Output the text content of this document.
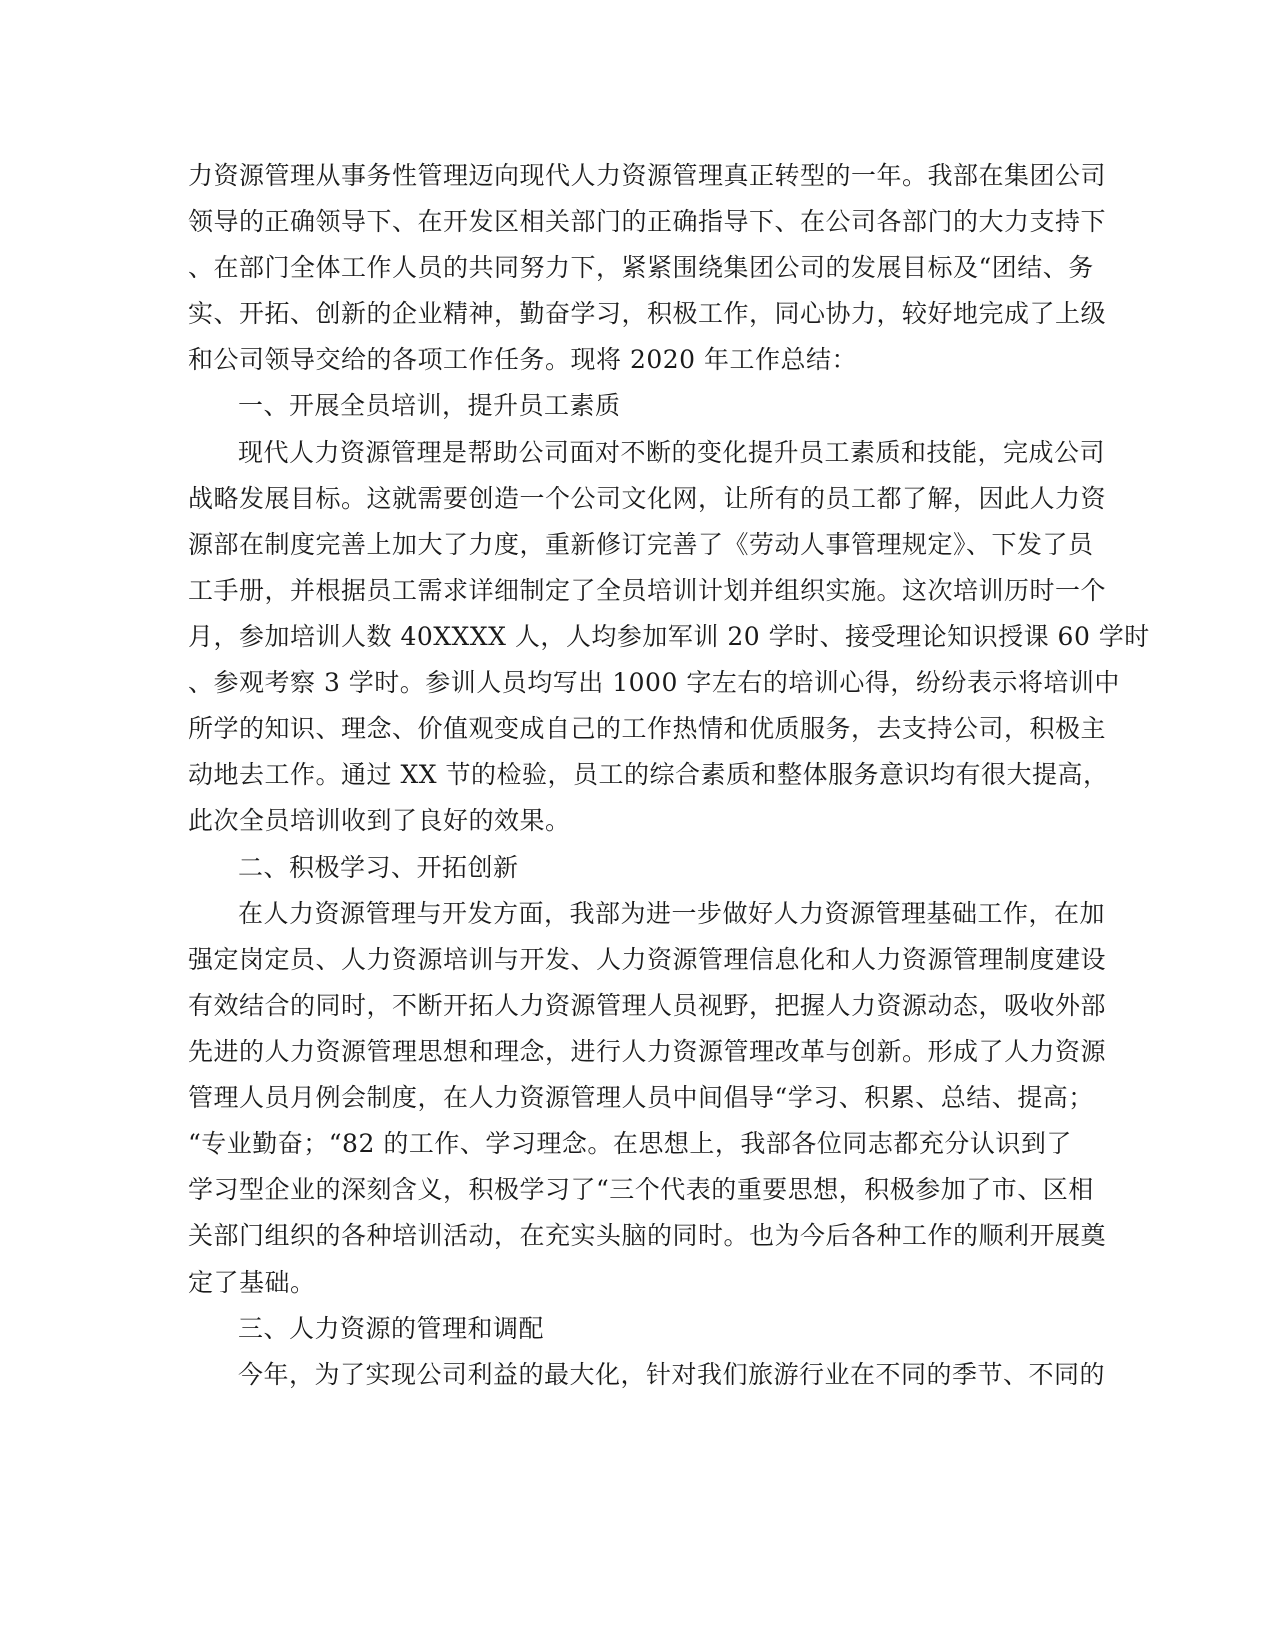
力资源管理从事务性管理迈向现代人力资源管理真正转型的一年。我部在集团公司

领导的正确领导下、在开发区相关部门的正确指导下、在公司各部门的大力支持下

、在部门全体工作人员的共同努力下，紧紧围绕集团公司的发展目标及“团结、务

实、开拓、创新的企业精神，勤奋学习，积极工作，同心协力，较好地完成了上级

和公司领导交给的各项工作任务。现将 2020 年工作总结：

一、开展全员培训，提升员工素质

现代人力资源管理是帮助公司面对不断的变化提升员工素质和技能，完成公司

战略发展目标。这就需要创造一个公司文化网，让所有的员工都了解，因此人力资

源部在制度完善上加大了力度，重新修订完善了《劳动人事管理规定》、下发了员

工手册，并根据员工需求详细制定了全员培训计划并组织实施。这次培训历时一个

月，参加培训人数 40XXXX 人，人均参加军训 20 学时、接受理论知识授课 60 学时

、参观考察 3 学时。参训人员均写出 1000 字左右的培训心得，纷纷表示将培训中

所学的知识、理念、价值观变成自己的工作热情和优质服务，去支持公司，积极主

动地去工作。通过 XX 节的检验，员工的综合素质和整体服务意识均有很大提高，

此次全员培训收到了良好的效果。

二、积极学习、开拓创新

在人力资源管理与开发方面，我部为进一步做好人力资源管理基础工作，在加

强定岗定员、人力资源培训与开发、人力资源管理信息化和人力资源管理制度建设

有效结合的同时，不断开拓人力资源管理人员视野，把握人力资源动态，吸收外部

先进的人力资源管理思想和理念，进行人力资源管理改革与创新。形成了人力资源

管理人员月例会制度，在人力资源管理人员中间倡导“学习、积累、总结、提高；

“专业勤奋；“82 的工作、学习理念。在思想上，我部各位同志都充分认识到了

学习型企业的深刻含义，积极学习了“三个代表的重要思想，积极参加了市、区相

关部门组织的各种培训活动，在充实头脑的同时。也为今后各种工作的顺利开展奠

定了基础。

三、人力资源的管理和调配

今年，为了实现公司利益的最大化，针对我们旅游行业在不同的季节、不同的
